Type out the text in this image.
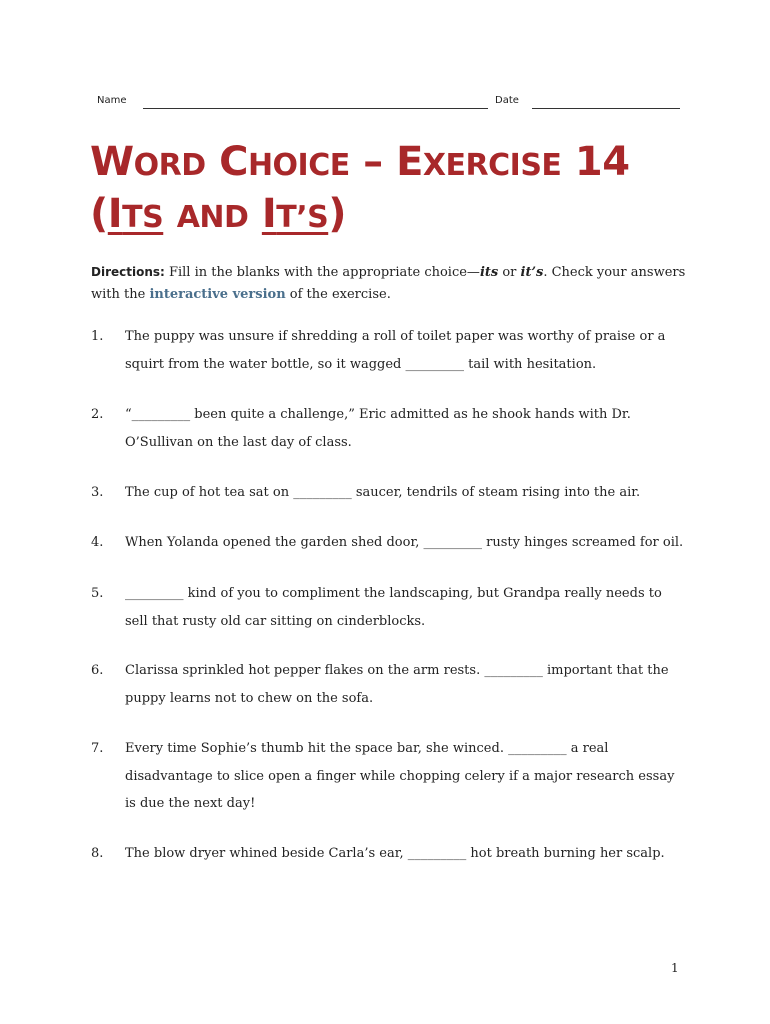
Name	Date
WORD CHOICE – EXERCISE 14
(ITS AND IT’S)
Directions: Fill in the blanks with the appropriate choice—its or it’s. Check your answers with the interactive version of the exercise.
1. The puppy was unsure if shredding a roll of toilet paper was worthy of praise or a squirt from the water bottle, so it wagged _________ tail with hesitation.
2. “_________ been quite a challenge,” Eric admitted as he shook hands with Dr. O’Sullivan on the last day of class.
3. The cup of hot tea sat on _________ saucer, tendrils of steam rising into the air.
4. When Yolanda opened the garden shed door, _________ rusty hinges screamed for oil.
5. _________ kind of you to compliment the landscaping, but Grandpa really needs to sell that rusty old car sitting on cinderblocks.
6. Clarissa sprinkled hot pepper flakes on the arm rests. _________ important that the puppy learns not to chew on the sofa.
7. Every time Sophie’s thumb hit the space bar, she winced. _________ a real disadvantage to slice open a finger while chopping celery if a major research essay is due the next day!
8. The blow dryer whined beside Carla’s ear, _________ hot breath burning her scalp.
1
